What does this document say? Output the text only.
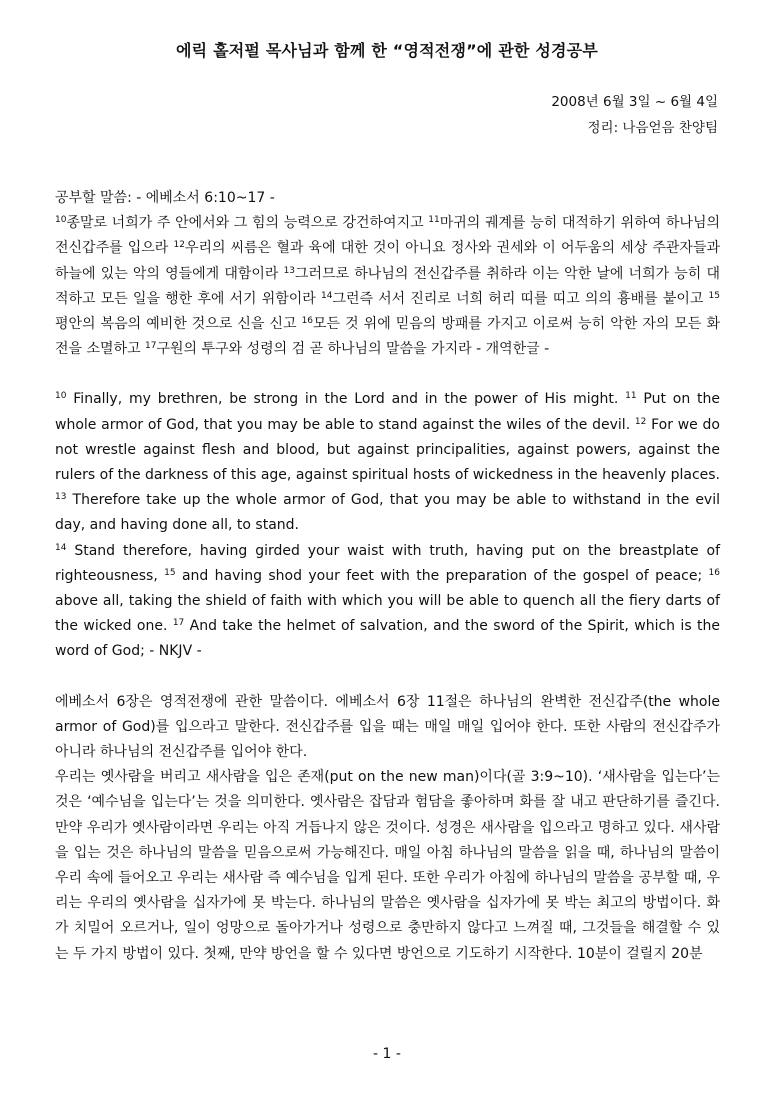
에릭 홀저펄 목사님과 함께 한 “영적전쟁”에 관한 성경공부
2008년 6월 3일 ~ 6월 4일
정리: 나음얻음 찬양팀

공부할 말씀: - 에베소서 6:10~17 -

$^{10}$종말로 너희가 주 안에서와 그 힘의 능력으로 강건하여지고 $^{11}$마귀의 궤계를 능히 대적하기 위하여 하나님의 전신갑주를 입으라 $^{12}$우리의 씨름은 혈과 육에 대한 것이 아니요 정사와 권세와 이 어두움의 세상 주관자들과 하늘에 있는 악의 영들에게 대함이라 $^{13}$그러므로 하나님의 전신갑주를 취하라 이는 악한 날에 너희가 능히 대적하고 모든 일을 행한 후에 서기 위함이라 $^{14}$그런즉 서서 진리로 너희 허리 띠를 띠고 의의 흉배를 붙이고 $^{15}$평안의 복음의 예비한 것으로 신을 신고 $^{16}$모든 것 위에 믿음의 방패를 가지고 이로써 능히 악한 자의 모든 화전을 소멸하고 $^{17}$구원의 투구와 성령의 검 곧 하나님의 말씀을 가지라 - 개역한글 -

$^{10}$ Finally, my brethren, be strong in the Lord and in the power of His might. $^{11}$ Put on the whole armor of God, that you may be able to stand against the wiles of the devil. $^{12}$ For we do not wrestle against flesh and blood, but against principalities, against powers, against the rulers of the darkness of this age, against spiritual hosts of wickedness in the heavenly places. $^{13}$ Therefore take up the whole armor of God, that you may be able to withstand in the evil day, and having done all, to stand.

$^{14}$ Stand therefore, having girded your waist with truth, having put on the breastplate of righteousness, $^{15}$ and having shod your feet with the preparation of the gospel of peace; $^{16}$ above all, taking the shield of faith with which you will be able to quench all the fiery darts of the wicked one. $^{17}$ And take the helmet of salvation, and the sword of the Spirit, which is the word of God; - NKJV -

에베소서 6장은 영적전쟁에 관한 말씀이다. 에베소서 6장 11절은 하나님의 완벽한 전신갑주(the whole armor of God)를 입으라고 말한다. 전신갑주를 입을 때는 매일 매일 입어야 한다. 또한 사람의 전신갑주가 아니라 하나님의 전신갑주를 입어야 한다.

우리는 옛사람을 버리고 새사람을 입은 존재(put on the new man)이다(골 3:9~10). ‘새사람을 입는다’는 것은 ‘예수님을 입는다’는 것을 의미한다. 옛사람은 잡담과 험담을 좋아하며 화를 잘 내고 판단하기를 즐긴다. 만약 우리가 옛사람이라면 우리는 아직 거듭나지 않은 것이다. 성경은 새사람을 입으라고 명하고 있다. 새사람을 입는 것은 하나님의 말씀을 믿음으로써 가능해진다. 매일 아침 하나님의 말씀을 읽을 때, 하나님의 말씀이 우리 속에 들어오고 우리는 새사람 즉 예수님을 입게 된다. 또한 우리가 아침에 하나님의 말씀을 공부할 때, 우리는 우리의 옛사람을 십자가에 못 박는다. 하나님의 말씀은 옛사람을 십자가에 못 박는 최고의 방법이다. 화가 치밀어 오르거나, 일이 엉망으로 돌아가거나 성령으로 충만하지 않다고 느껴질 때, 그것들을 해결할 수 있는 두 가지 방법이 있다. 첫째, 만약 방언을 할 수 있다면 방언으로 기도하기 시작한다. 10분이 걸릴지 20분

- 1 -
